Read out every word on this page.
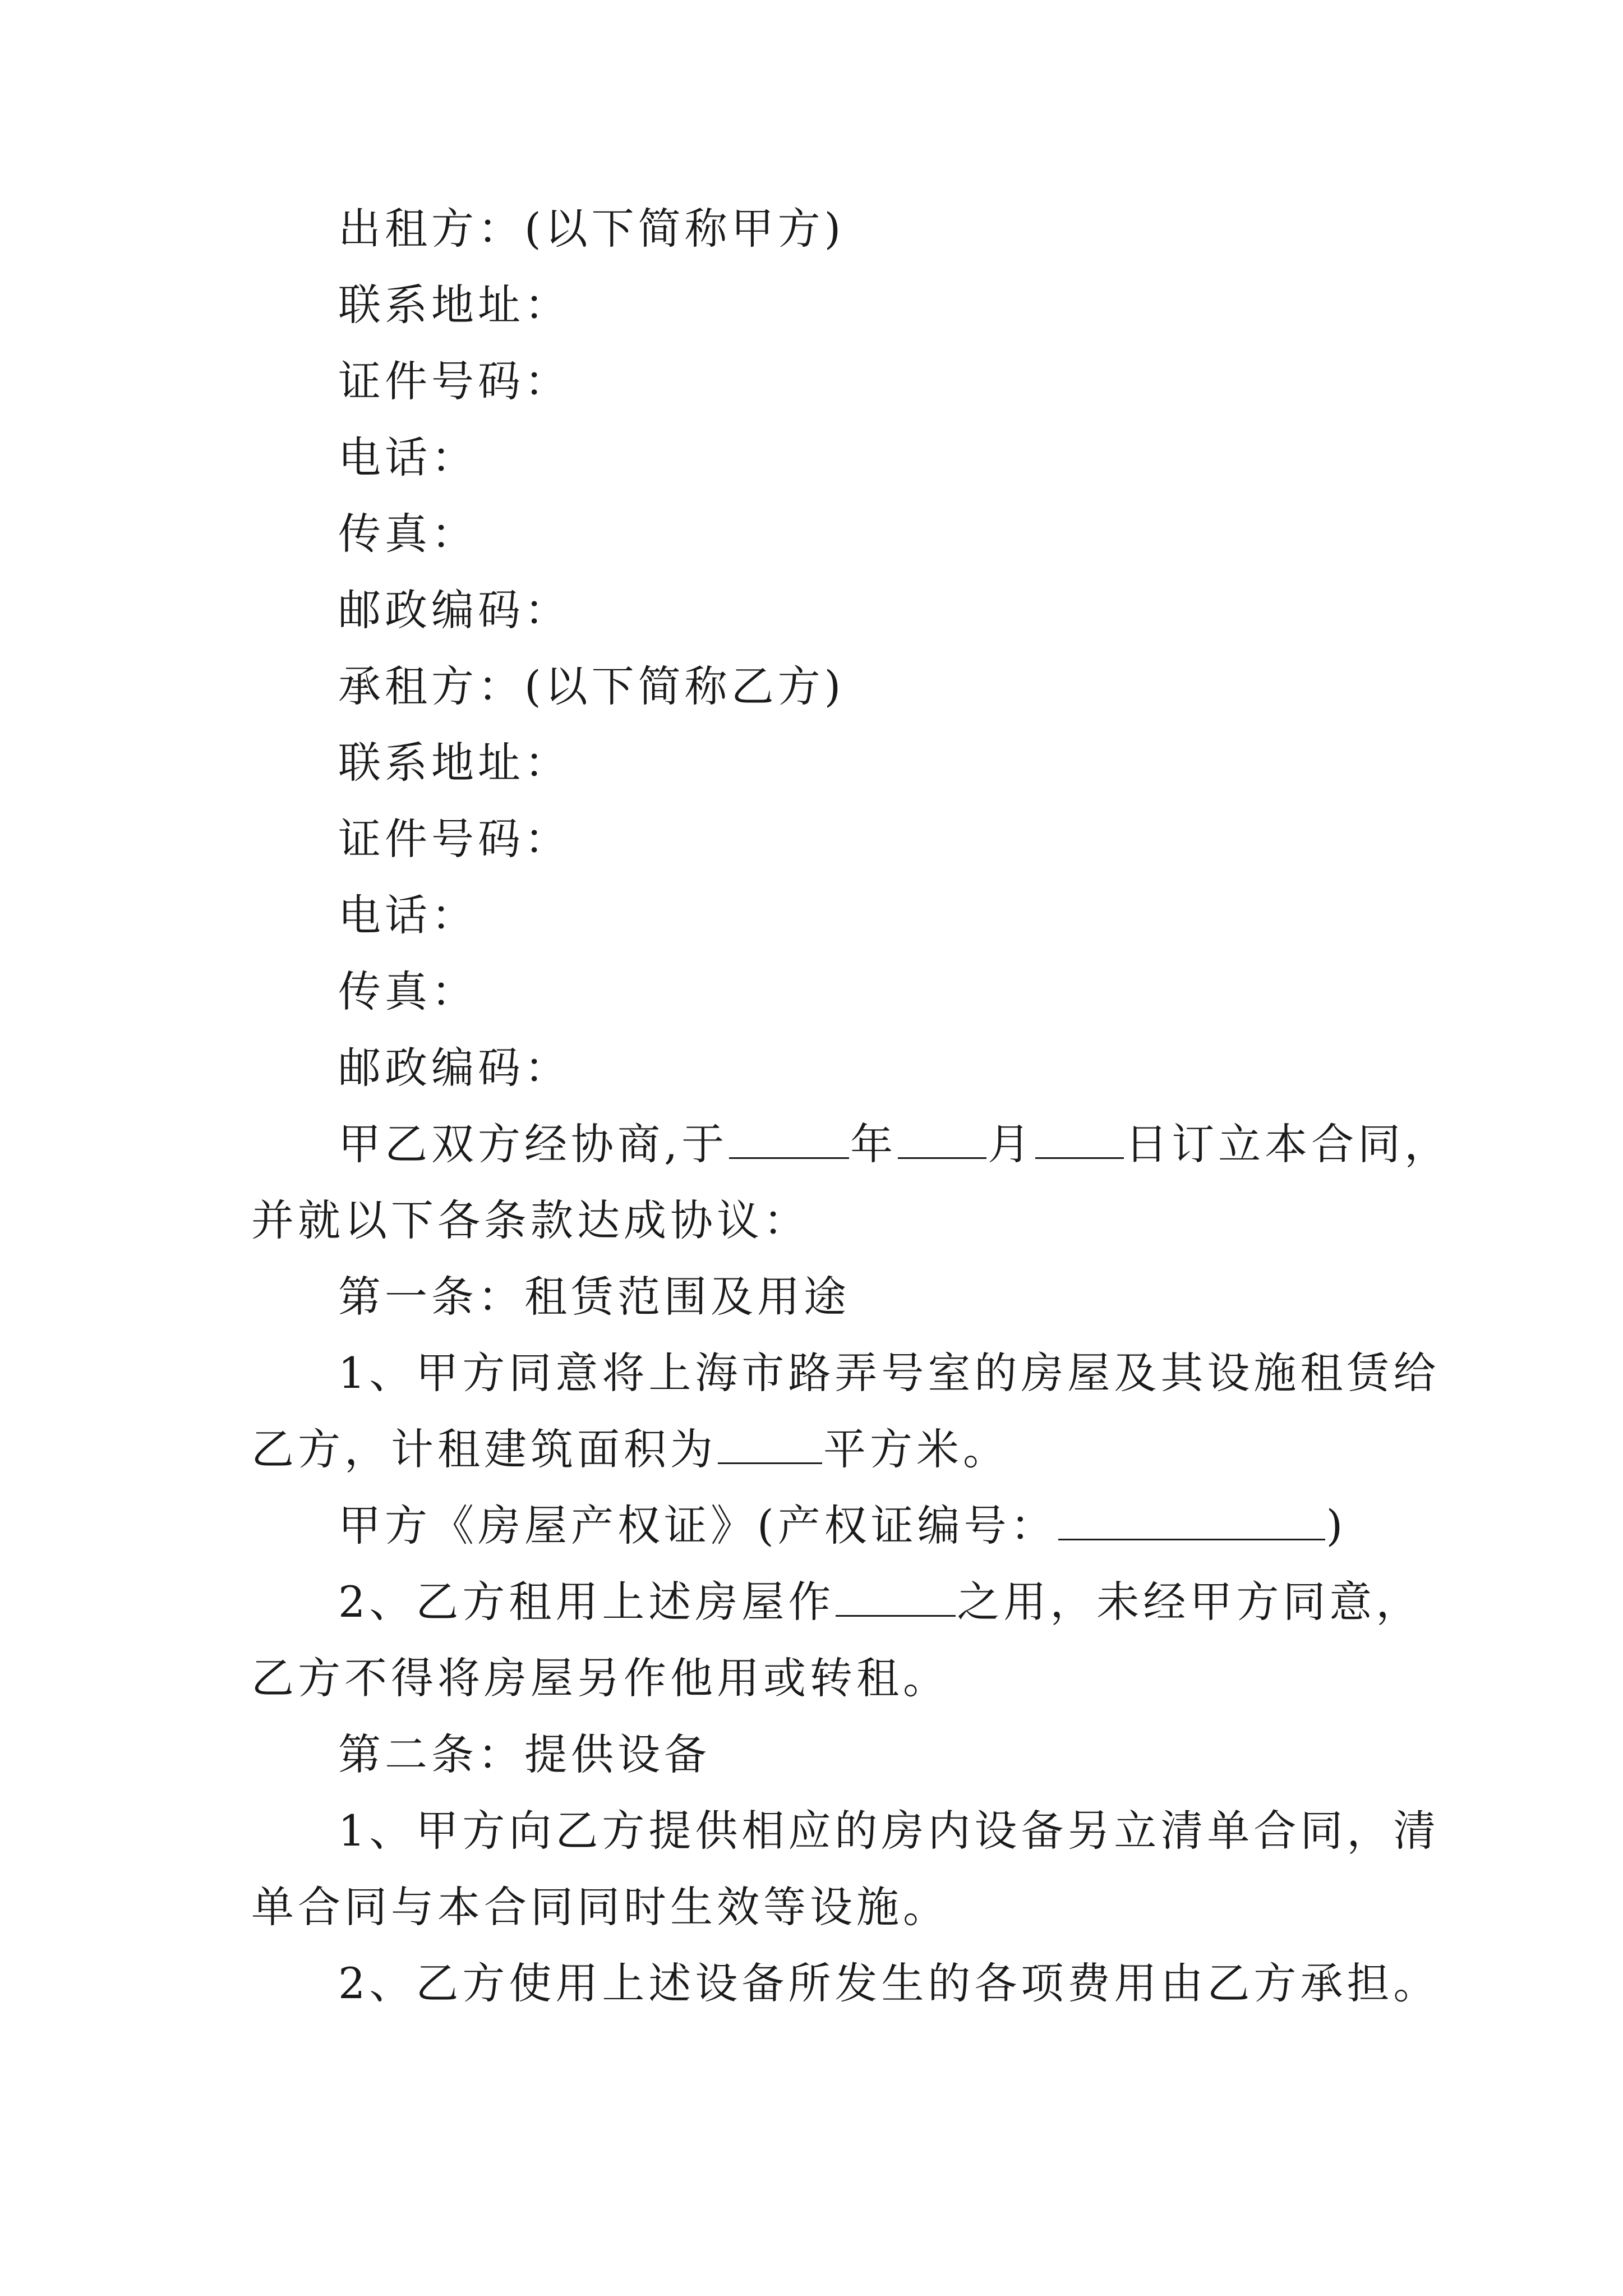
出租方：(以下简称甲方)
联系地址：
证件号码：
电话：
传真：
邮政编码：
承租方：(以下简称乙方)
联系地址：
证件号码：
电话：
传真：
邮政编码：
甲乙双方经协商,于	年 月 日订立本合同，
并就以下各条款达成协议：
第一条：租赁范围及用途
1、甲方同意将上海市路弄号室的房屋及其设施租赁给
乙方，计租建筑面积为	平方米。
甲方《房屋产权证》(产权证编号：	)
2、乙方租用上述房屋作	之用，未经甲方同意，
乙方不得将房屋另作他用或转租。
第二条：提供设备
1、甲方向乙方提供相应的房内设备另立清单合同，清
单合同与本合同同时生效等设施。
2、乙方使用上述设备所发生的各项费用由乙方承担。
